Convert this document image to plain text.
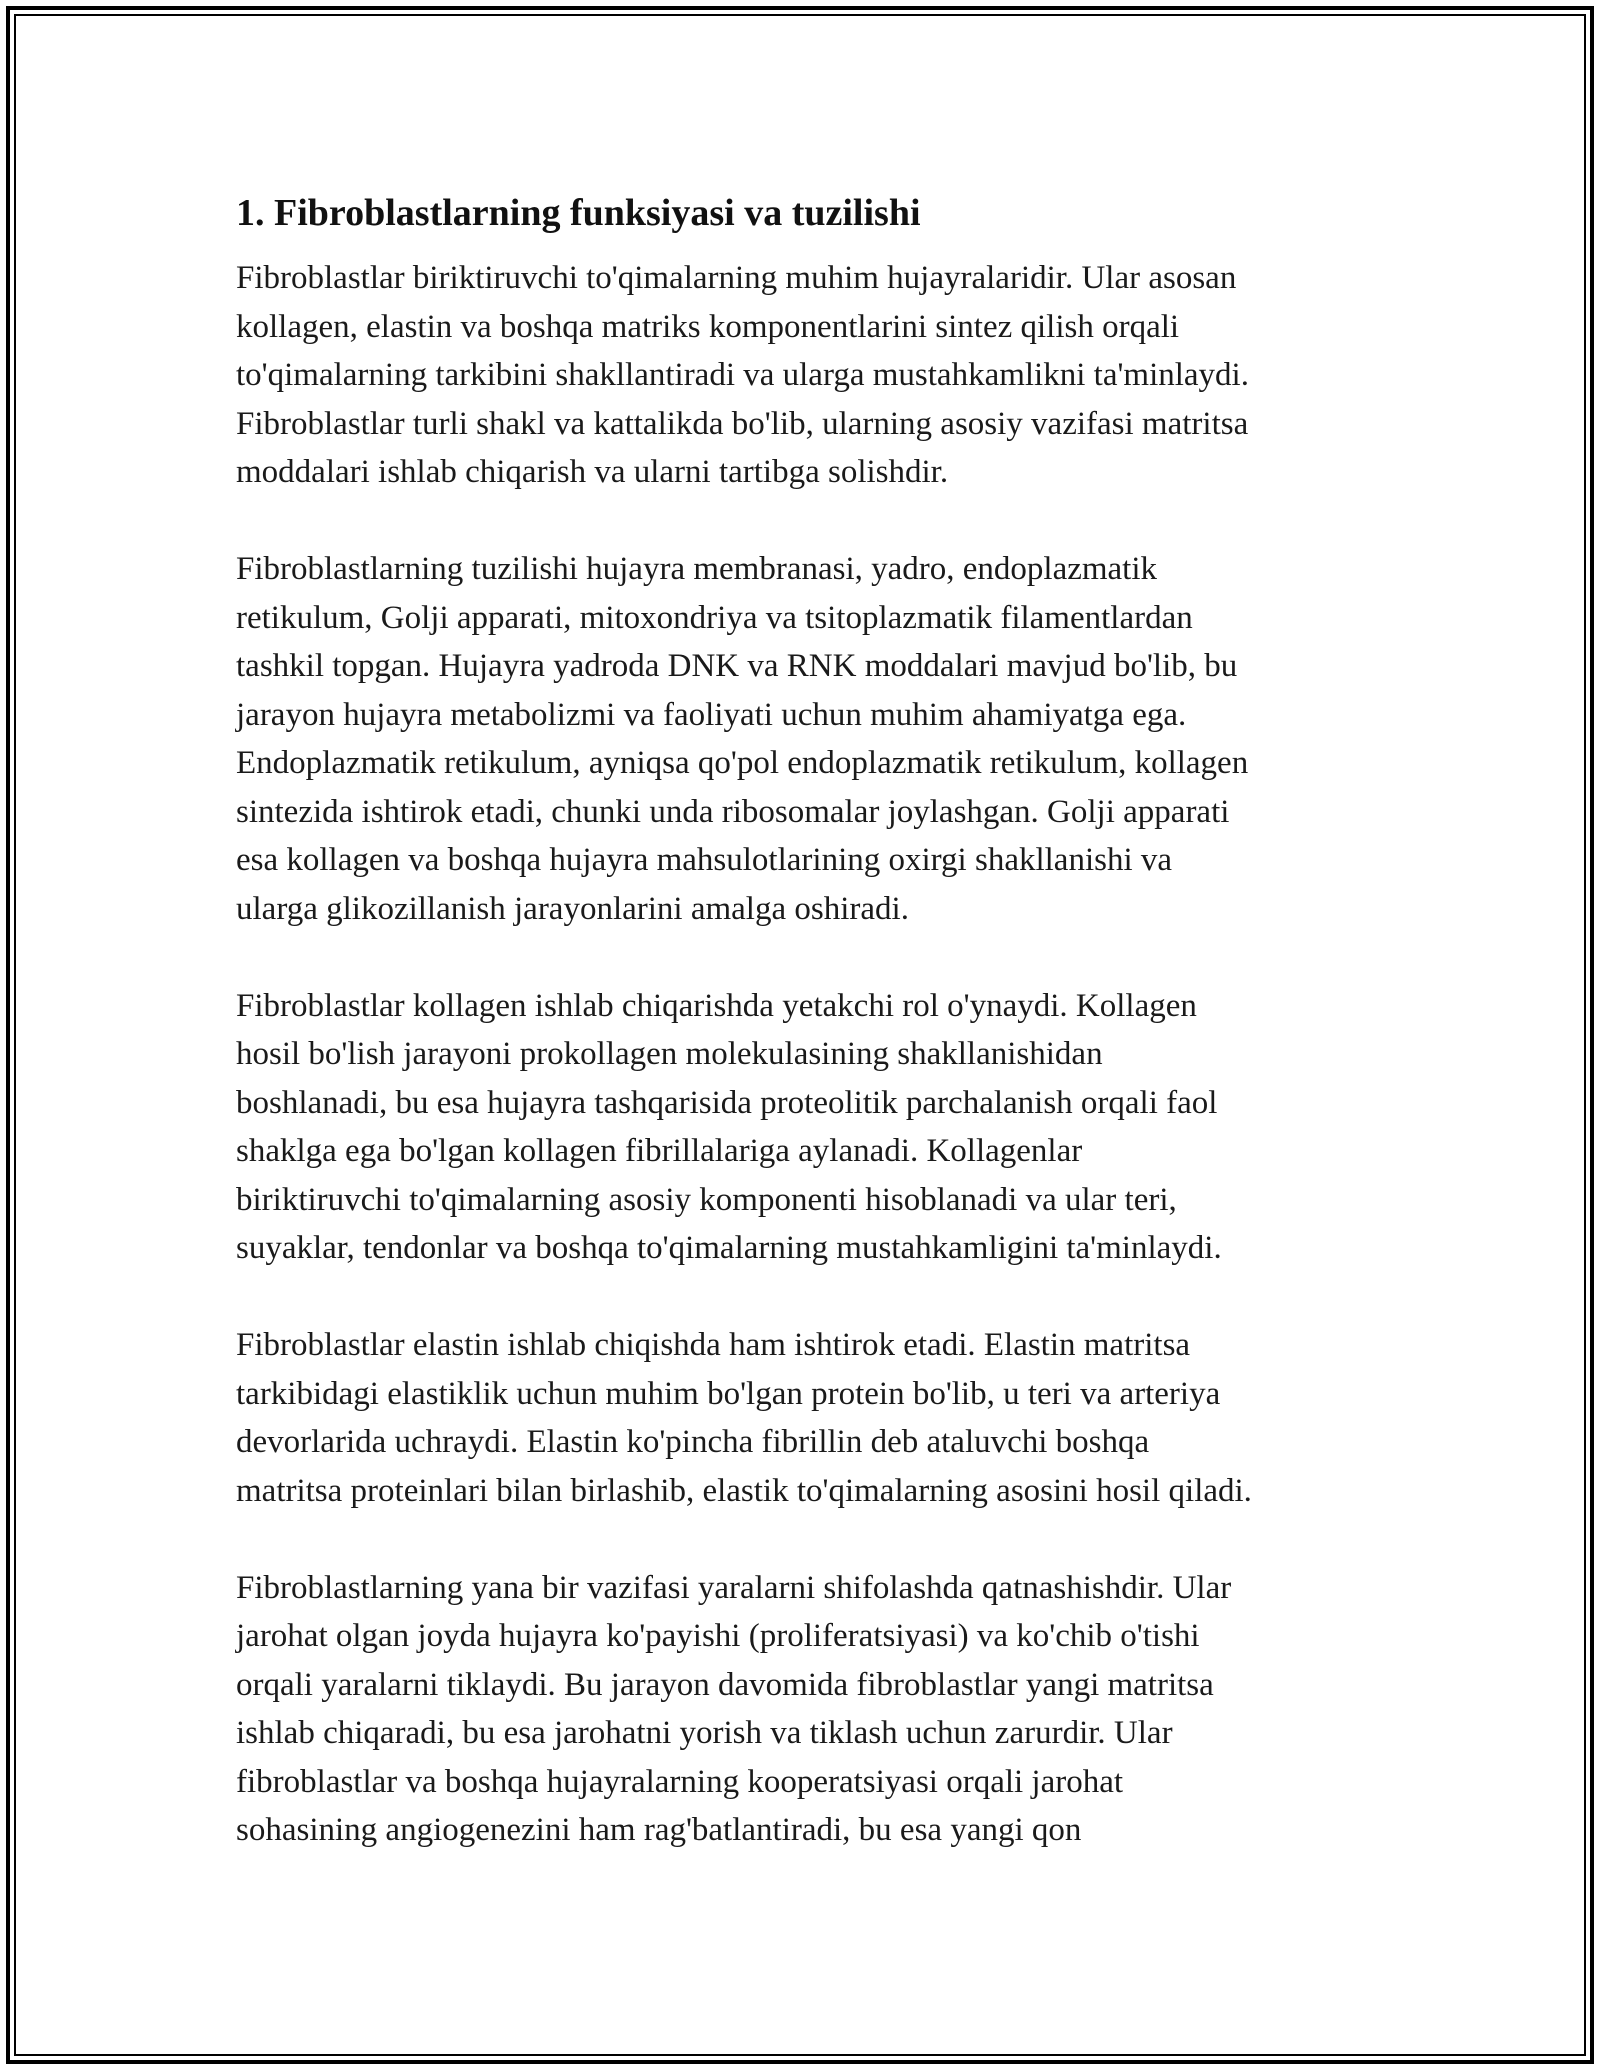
1. Fibroblastlarning funksiyasi va tuzilishi
Fibroblastlar biriktiruvchi to'qimalarning muhim hujayralaridir. Ular asosan
kollagen, elastin va boshqa matriks komponentlarini sintez qilish orqali
to'qimalarning tarkibini shakllantiradi va ularga mustahkamlikni ta'minlaydi.
Fibroblastlar turli shakl va kattalikda bo'lib, ularning asosiy vazifasi matritsa
moddalari ishlab chiqarish va ularni tartibga solishdir.
Fibroblastlarning tuzilishi hujayra membranasi, yadro, endoplazmatik
retikulum, Golji apparati, mitoxondriya va tsitoplazmatik filamentlardan
tashkil topgan. Hujayra yadroda DNK va RNK moddalari mavjud bo'lib, bu
jarayon hujayra metabolizmi va faoliyati uchun muhim ahamiyatga ega.
Endoplazmatik retikulum, ayniqsa qo'pol endoplazmatik retikulum, kollagen
sintezida ishtirok etadi, chunki unda ribosomalar joylashgan. Golji apparati
esa kollagen va boshqa hujayra mahsulotlarining oxirgi shakllanishi va
ularga glikozillanish jarayonlarini amalga oshiradi.
Fibroblastlar kollagen ishlab chiqarishda yetakchi rol o'ynaydi. Kollagen
hosil bo'lish jarayoni prokollagen molekulasining shakllanishidan
boshlanadi, bu esa hujayra tashqarisida proteolitik parchalanish orqali faol
shaklga ega bo'lgan kollagen fibrillalariga aylanadi. Kollagenlar
biriktiruvchi to'qimalarning asosiy komponenti hisoblanadi va ular teri,
suyaklar, tendonlar va boshqa to'qimalarning mustahkamligini ta'minlaydi.
Fibroblastlar elastin ishlab chiqishda ham ishtirok etadi. Elastin matritsa
tarkibidagi elastiklik uchun muhim bo'lgan protein bo'lib, u teri va arteriya
devorlarida uchraydi. Elastin ko'pincha fibrillin deb ataluvchi boshqa
matritsa proteinlari bilan birlashib, elastik to'qimalarning asosini hosil qiladi.
Fibroblastlarning yana bir vazifasi yaralarni shifolashda qatnashishdir. Ular
jarohat olgan joyda hujayra ko'payishi (proliferatsiyasi) va ko'chib o'tishi
orqali yaralarni tiklaydi. Bu jarayon davomida fibroblastlar yangi matritsa
ishlab chiqaradi, bu esa jarohatni yorish va tiklash uchun zarurdir. Ular
fibroblastlar va boshqa hujayralarning kooperatsiyasi orqali jarohat
sohasining angiogenezini ham rag'batlantiradi, bu esa yangi qon
